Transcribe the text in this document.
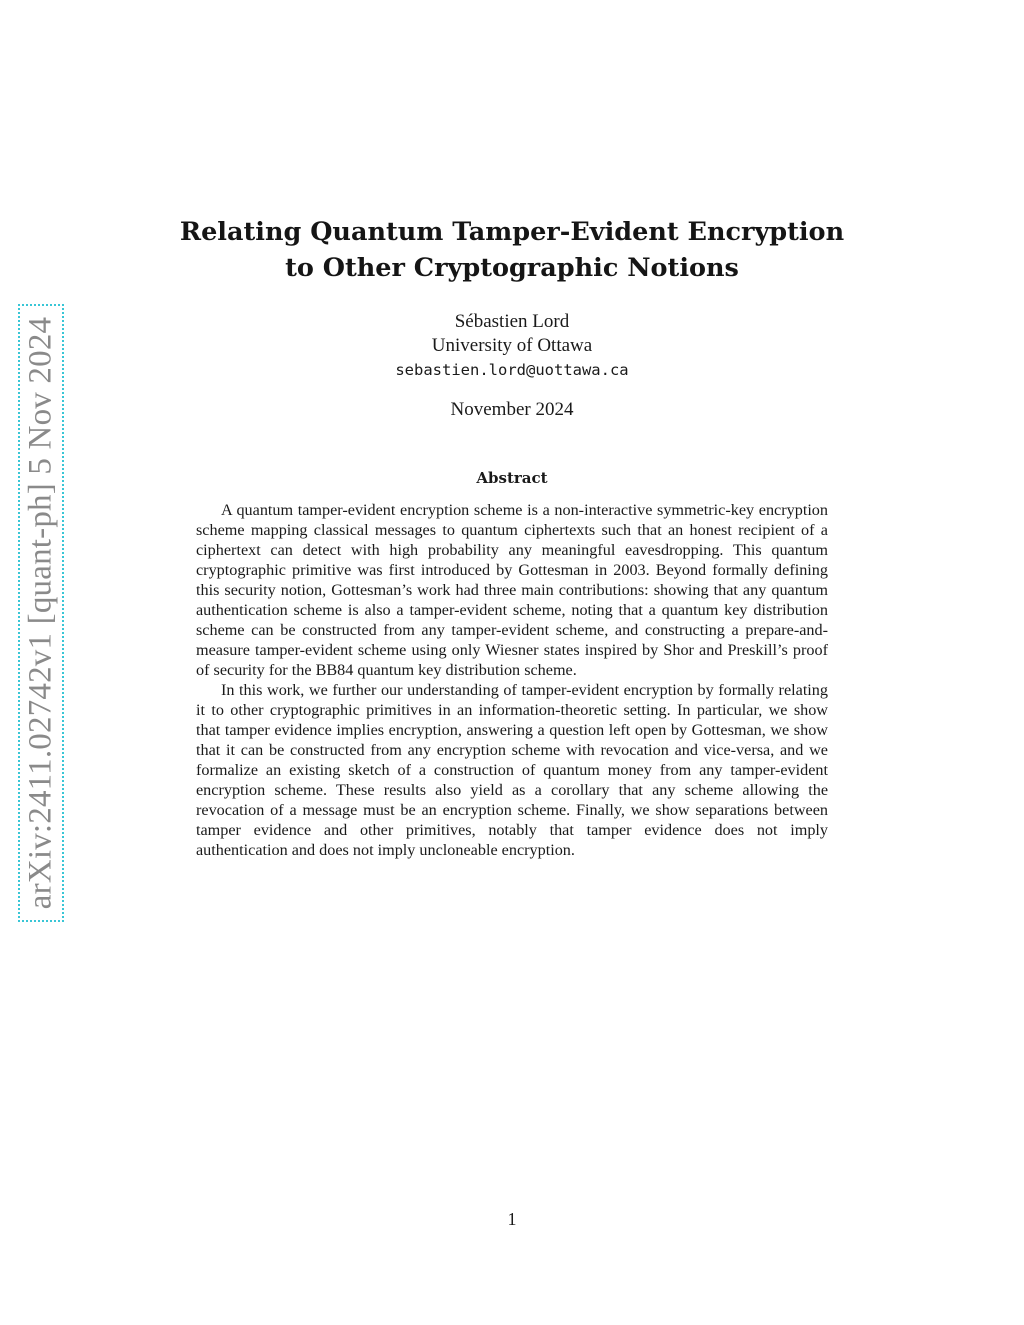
arXiv:2411.02742v1 [quant-ph] 5 Nov 2024
Relating Quantum Tamper-Evident Encryption
to Other Cryptographic Notions
Sébastien Lord
University of Ottawa
sebastien.lord@uottawa.ca
November 2024
Abstract

A quantum tamper-evident encryption scheme is a non-interactive symmetric-key encryption scheme mapping classical messages to quantum ciphertexts such that an honest recipient of a ciphertext can detect with high probability any meaningful eavesdropping. This quantum cryptographic primitive was first introduced by Gottesman in 2003. Beyond formally defining this security notion, Gottesman’s work had three main contributions: showing that any quantum authentication scheme is also a tamper-evident scheme, noting that a quantum key distribution scheme can be constructed from any tamper-evident scheme, and constructing a prepare-and-measure tamper-evident scheme using only Wiesner states inspired by Shor and Preskill’s proof of security for the BB84 quantum key distribution scheme.

In this work, we further our understanding of tamper-evident encryption by formally relating it to other cryptographic primitives in an information-theoretic setting. In particular, we show that tamper evidence implies encryption, answering a question left open by Gottesman, we show that it can be constructed from any encryption scheme with revocation and vice-versa, and we formalize an existing sketch of a construction of quantum money from any tamper-evident encryption scheme. These results also yield as a corollary that any scheme allowing the revocation of a message must be an encryption scheme. Finally, we show separations between tamper evidence and other primitives, notably that tamper evidence does not imply authentication and does not imply uncloneable encryption.

1
